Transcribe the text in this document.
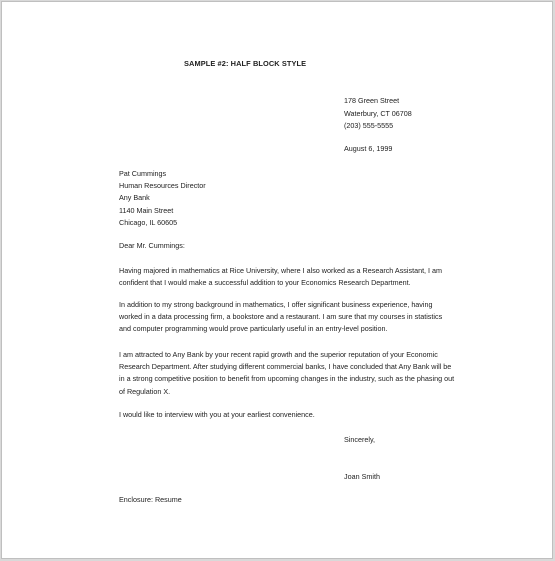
SAMPLE #2: HALF BLOCK STYLE
178 Green Street
Waterbury, CT 06708
(203) 555-5555
August 6, 1999
Pat Cummings
Human Resources Director
Any Bank
1140 Main Street
Chicago, IL 60605
Dear Mr. Cummings:
Having majored in mathematics at Rice University, where I also worked as a Research Assistant, I am
confident that I would make a successful addition to your Economics Research Department.
In addition to my strong background in mathematics, I offer significant business experience, having
worked in a data processing firm, a bookstore and a restaurant. I am sure that my courses in statistics
and computer programming would prove particularly useful in an entry-level position.
I am attracted to Any Bank by your recent rapid growth and the superior reputation of your Economic
Research Department. After studying different commercial banks, I have concluded that Any Bank will be
in a strong competitive position to benefit from upcoming changes in the industry, such as the phasing out
of Regulation X.
I would like to interview with you at your earliest convenience.
Sincerely,
Joan Smith
Enclosure: Resume
